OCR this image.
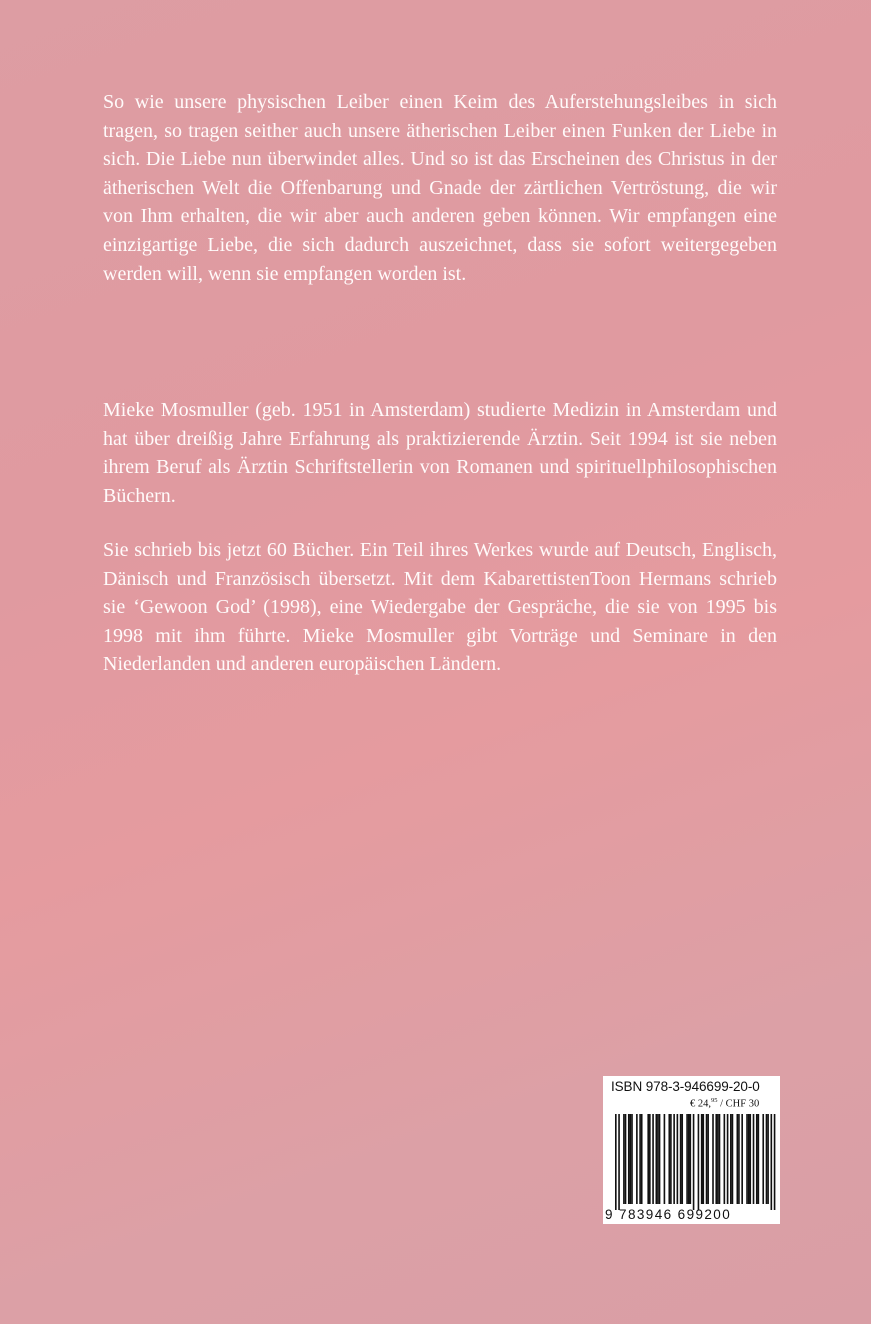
So wie unsere physischen Leiber einen Keim des Auferstehungsleibes in sich tragen, so tragen seither auch unsere ätherischen Leiber einen Funken der Liebe in sich. Die Liebe nun überwindet alles. Und so ist das Erscheinen des Christus in der ätherischen Welt die Offenbarung und Gnade der zärtlichen Vertröstung, die wir von Ihm erhalten, die wir aber auch anderen geben können. Wir empfangen eine einzigartige Liebe, die sich dadurch auszeichnet, dass sie sofort weitergegeben werden will, wenn sie empfangen worden ist.

Mieke Mosmuller (geb. 1951 in Amsterdam) studierte Medizin in Amsterdam und hat über dreißig Jahre Erfahrung als praktizierende Ärztin. Seit 1994 ist sie neben ihrem Beruf als Ärztin Schriftstellerin von Romanen und spirituellphilosophischen Büchern.

Sie schrieb bis jetzt 60 Bücher. Ein Teil ihres Werkes wurde auf Deutsch, Englisch, Dänisch und Französisch übersetzt. Mit dem KabarettistenToon Hermans schrieb sie ‘Gewoon God’ (1998), eine Wiedergabe der Gespräche, die sie von 1995 bis 1998 mit ihm führte. Mieke Mosmuller gibt Vorträge und Seminare in den Niederlanden und anderen europäischen Ländern.

ISBN 978-3-946699-20-0
€ 24,95 / CHF 30
9 783946 699200
